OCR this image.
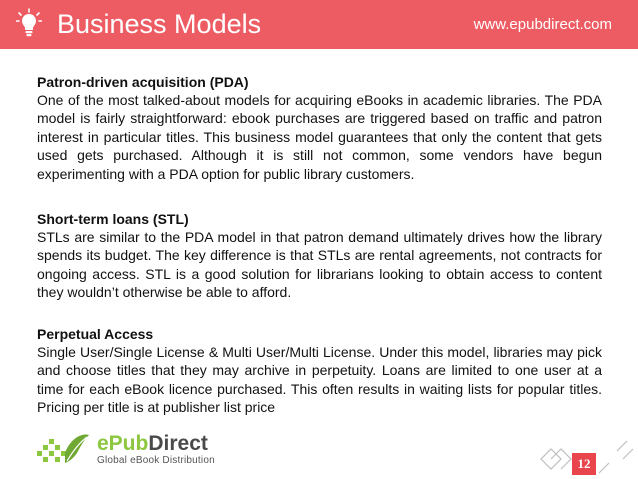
Business Models	www.epubdirect.com
Patron-driven acquisition (PDA)

One of the most talked-about models for acquiring eBooks in academic libraries. The PDA model is fairly straightforward: ebook purchases are triggered based on traffic and patron interest in particular titles. This business model guarantees that only the content that gets used gets purchased. Although it is still not common, some vendors have begun experimenting with a PDA option for public library customers.

Short-term loans (STL)

STLs are similar to the PDA model in that patron demand ultimately drives how the library spends its budget. The key difference is that STLs are rental agreements, not contracts for ongoing access. STL is a good solution for librarians looking to obtain access to content they wouldn’t otherwise be able to afford.

Perpetual Access

Single User/Single License & Multi User/Multi License. Under this model, libraries may pick and choose titles that they may archive in perpetuity. Loans are limited to one user at a time for each eBook licence purchased. This often results in waiting lists for popular titles. Pricing per title is at publisher list price

ePubDirect
Global eBook Distribution	12
